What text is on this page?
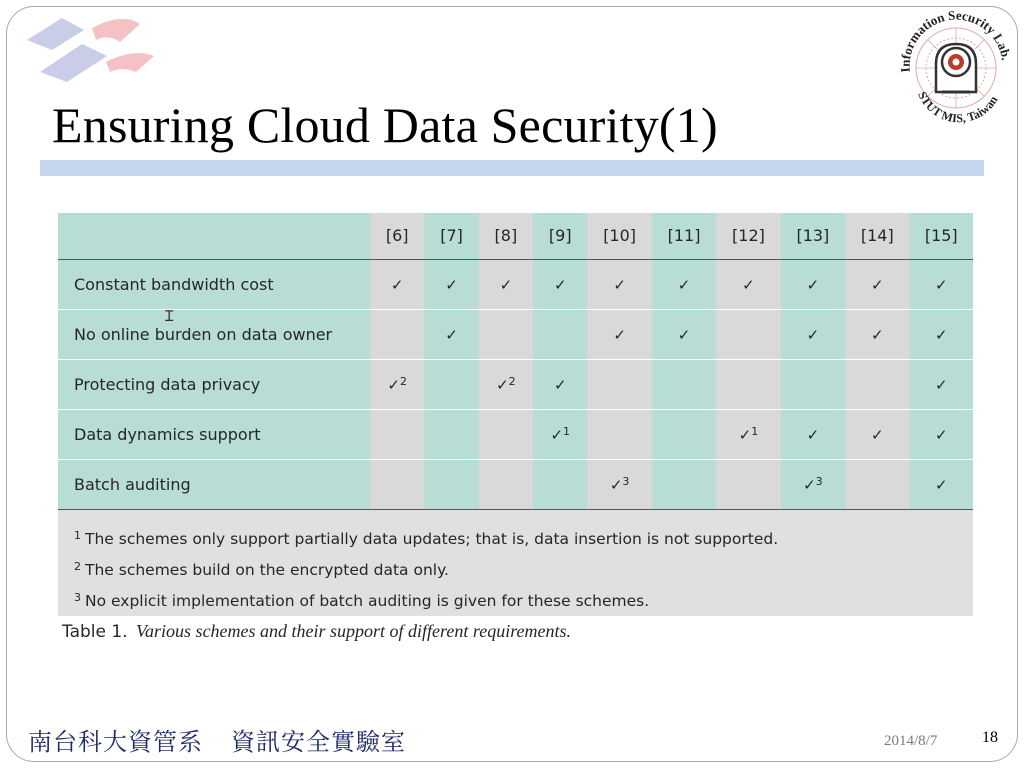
Ensuring Cloud Data Security(1)
Information Security Lab.
STUT MIS, Taiwan
	[6]	[7]	[8]	[9]	[10]	[11]	[12]	[13]	[14]	[15]
Constant bandwidth cost	✓	✓	✓	✓	✓	✓	✓	✓	✓	✓
No online burden on data owner		✓			✓	✓		✓	✓	✓
Protecting data privacy	✓$^2$		✓$^2$	✓						✓
Data dynamics support				✓$^1$			✓$^1$	✓	✓	✓
Batch auditing					✓$^3$			✓$^3$		✓
$^1$ The schemes only support partially data updates; that is, data insertion is not supported.
$^2$ The schemes build on the encrypted data only.
$^3$ No explicit implementation of batch auditing is given for these schemes.
Ɪ
Table 1. Various schemes and their support of different requirements.
南台科大資管系 資訊安全實驗室	2014/8/7	18
